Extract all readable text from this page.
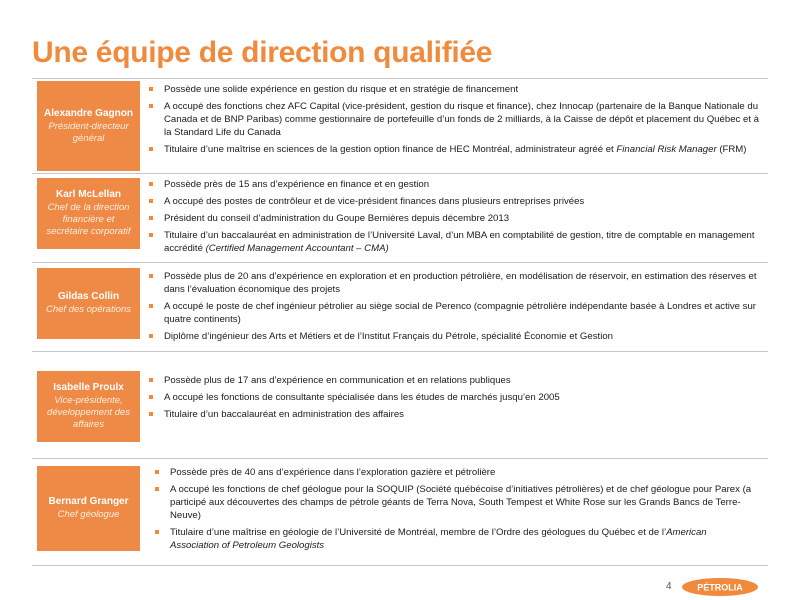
Une équipe de direction qualifiée
Alexandre Gagnon
Président-directeur général
Possède une solide expérience en gestion du risque et en stratégie de financement
A occupé des fonctions chez AFC Capital (vice-président, gestion du risque et finance), chez Innocap (partenaire de la Banque Nationale du Canada et de BNP Paribas) comme gestionnaire de portefeuille d’un fonds de 2 milliards, à la Caisse de dépôt et placement du Québec et à la Standard Life du Canada
Titulaire d’une maîtrise en sciences de la gestion option finance de HEC Montréal, administrateur agréé et Financial Risk Manager (FRM)
Karl McLellan
Chef de la direction financière et secrétaire corporatif
Possède près de 15 ans d’expérience en finance et en gestion
A occupé des postes de contrôleur et de vice-président finances dans plusieurs entreprises privées
Président du conseil d’administration du Goupe Bernières depuis décembre 2013
Titulaire d’un baccalauréat en administration de l’Université Laval, d’un MBA en comptabilité de gestion, titre de comptable en management accrédité (Certified Management Accountant – CMA)
Gildas Collin
Chef des opérations
Possède plus de 20 ans d’expérience en exploration et en production pétrolière, en modélisation de réservoir, en estimation des réserves et dans l’évaluation économique des projets
A occupé le poste de chef ingénieur pétrolier au siège social de Perenco (compagnie pétrolière indépendante basée à Londres et active sur quatre continents)
Diplôme d’ingénieur des Arts et Métiers et de l’Institut Français du Pétrole, spécialité Économie et Gestion
Isabelle Proulx
Vice-présidente, développement des affaires
Possède plus de 17 ans d’expérience en communication et en relations publiques
A occupé les fonctions de consultante spécialisée dans les études de marchés jusqu’en 2005
Titulaire d’un baccalauréat en administration des affaires
Bernard Granger
Chef géologue
Possède près de 40 ans d’expérience dans l’exploration gazière et pétrolière
A occupé les fonctions de chef géologue pour la SOQUIP (Société québécoise d’initiatives pétrolières) et de chef géologue pour Parex (a participé aux découvertes des champs de pétrole géants de Terra Nova, South Tempest et White Rose sur les Grands Bancs de Terre-Neuve)
Titulaire d’une maîtrise en géologie de l’Université de Montréal, membre de l’Ordre des géologues du Québec et de l’American Association of Petroleum Geologists
4	PÉTROLIA
